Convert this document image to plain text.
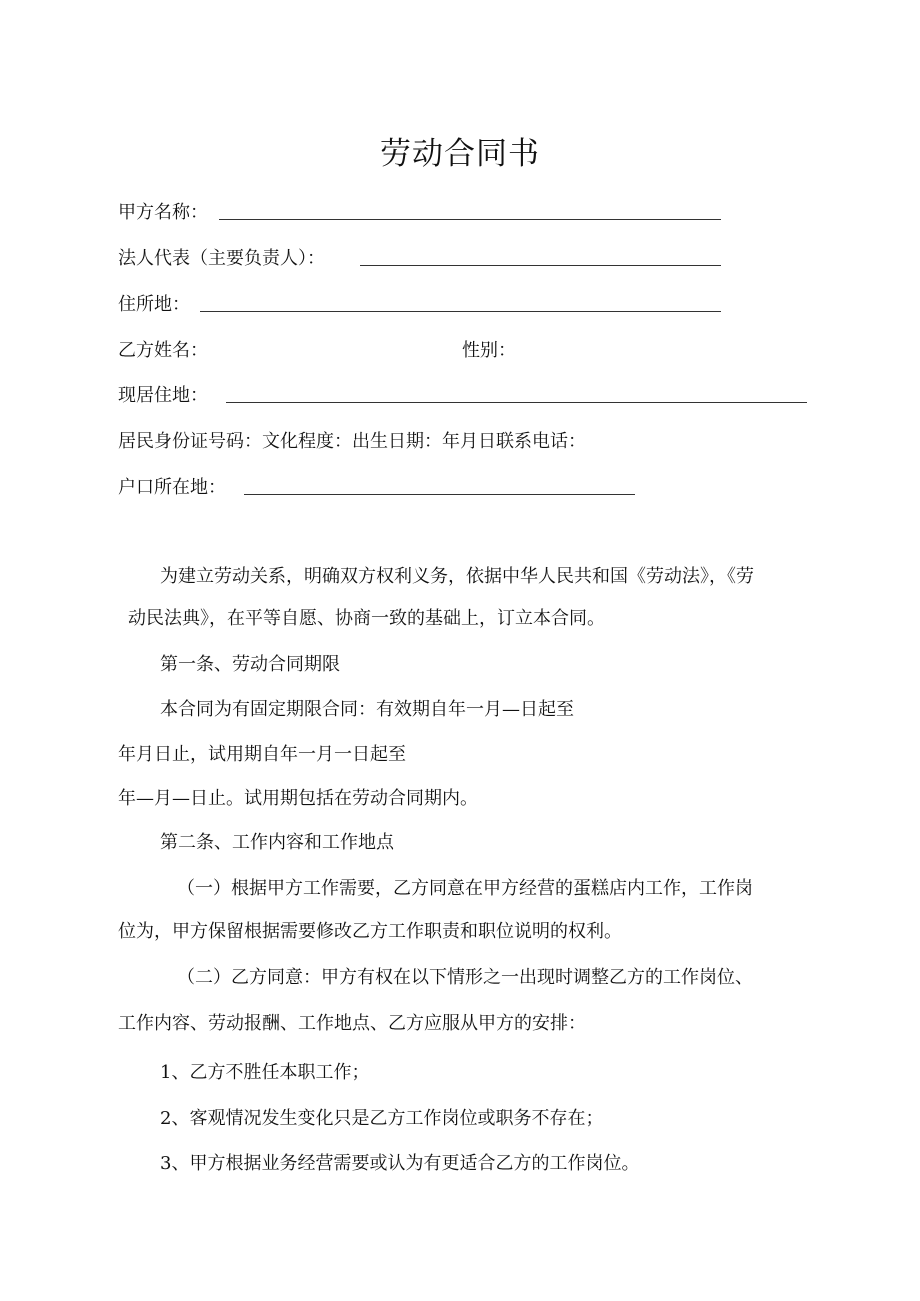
劳动合同书
甲方名称：
法人代表（主要负责人）：
住所地：
乙方姓名：	性别：
现居住地：
居民身份证号码：文化程度：出生日期：年月日联系电话：
户口所在地：
为建立劳动关系，明确双方权利义务，依据中华人民共和国《劳动法》，《劳
动民法典》，在平等自愿、协商一致的基础上，订立本合同。
第一条、劳动合同期限
本合同为有固定期限合同：有效期自年一月—日起至
年月日止，试用期自年一月一日起至
年—月—日止。试用期包括在劳动合同期内。
第二条、工作内容和工作地点
（一）根据甲方工作需要，乙方同意在甲方经营的蛋糕店内工作，工作岗
位为，甲方保留根据需要修改乙方工作职责和职位说明的权利。
（二）乙方同意：甲方有权在以下情形之一出现时调整乙方的工作岗位、
工作内容、劳动报酬、工作地点、乙方应服从甲方的安排：
1、乙方不胜任本职工作；
2、客观情况发生变化只是乙方工作岗位或职务不存在；
3、甲方根据业务经营需要或认为有更适合乙方的工作岗位。
